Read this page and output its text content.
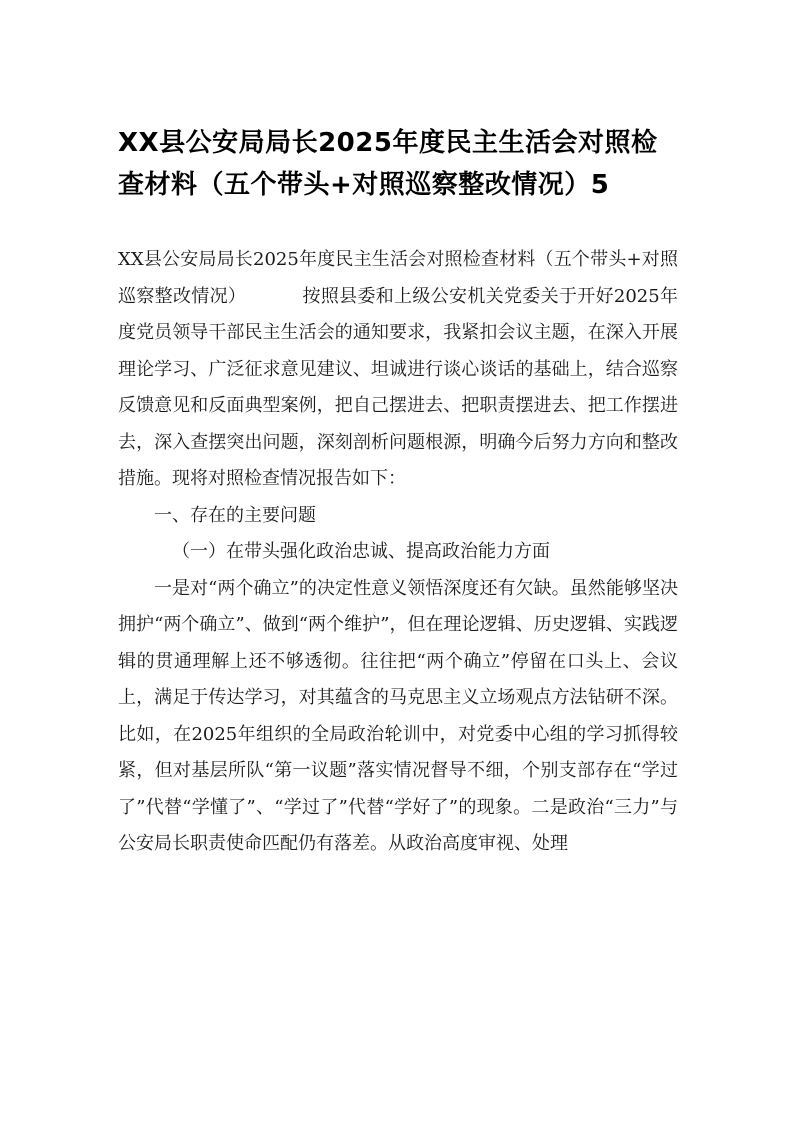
XX县公安局局长2025年度民主生活会对照检查材料（五个带头+对照巡察整改情况）5

XX县公安局局长2025年度民主生活会对照检查材料（五个带头+对照巡察整改情况）	按照县委和上级公安机关党委关于开好2025年度党员领导干部民主生活会的通知要求，我紧扣会议主题，在深入开展理论学习、广泛征求意见建议、坦诚进行谈心谈话的基础上，结合巡察反馈意见和反面典型案例，把自己摆进去、把职责摆进去、把工作摆进去，深入查摆突出问题，深刻剖析问题根源，明确今后努力方向和整改措施。现将对照检查情况报告如下：

一、存在的主要问题

（一）在带头强化政治忠诚、提高政治能力方面

一是对“两个确立”的决定性意义领悟深度还有欠缺。虽然能够坚决拥护“两个确立”、做到“两个维护”，但在理论逻辑、历史逻辑、实践逻辑的贯通理解上还不够透彻。往往把“两个确立”停留在口头上、会议上，满足于传达学习，对其蕴含的马克思主义立场观点方法钻研不深。比如，在2025年组织的全局政治轮训中，对党委中心组的学习抓得较紧，但对基层所队“第一议题”落实情况督导不细，个别支部存在“学过了”代替“学懂了”、“学过了”代替“学好了”的现象。二是政治“三力”与公安局长职责使命匹配仍有落差。从政治高度审视、处理
